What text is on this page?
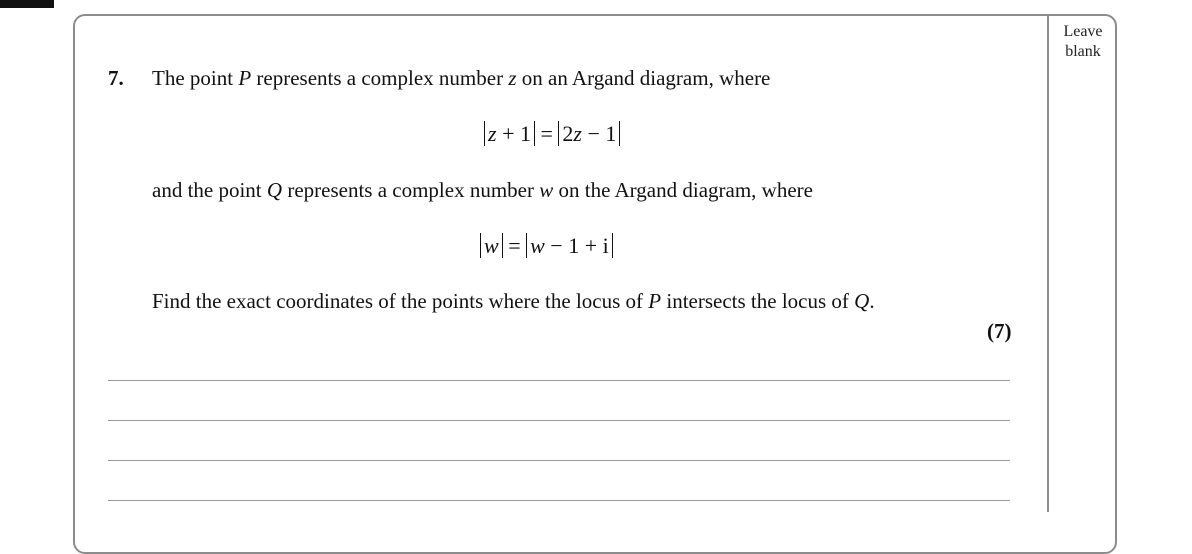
Leave blank
7. The point P represents a complex number z on an Argand diagram, where
z + 1 = 2z − 1
and the point Q represents a complex number w on the Argand diagram, where
w = w − 1 + i
Find the exact coordinates of the points where the locus of P intersects the locus of Q.
(7)
